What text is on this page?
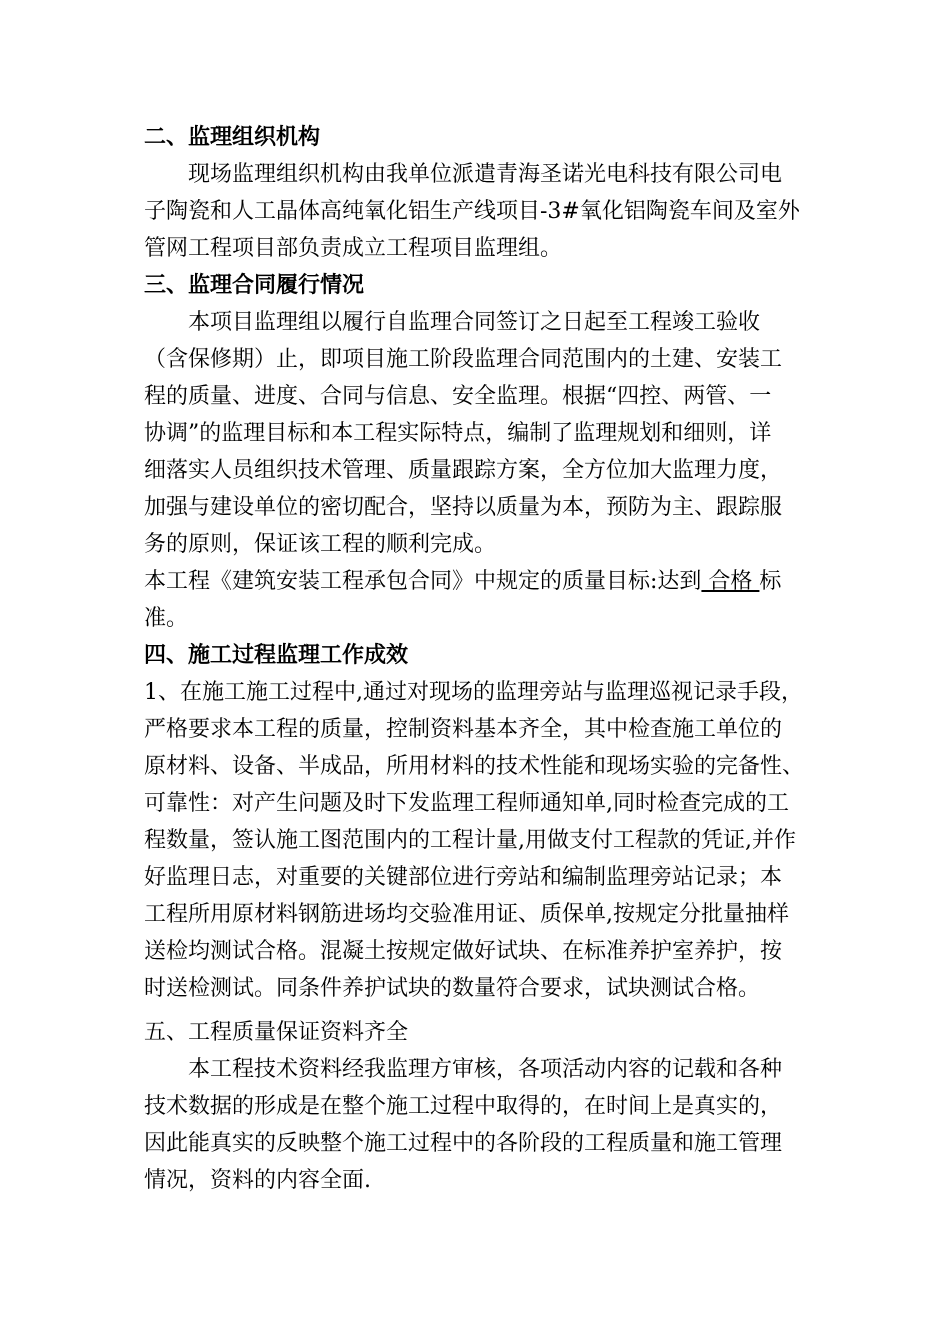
二、监理组织机构
现场监理组织机构由我单位派遣青海圣诺光电科技有限公司电
子陶瓷和人工晶体高纯氧化铝生产线项目-3#氧化铝陶瓷车间及室外
管网工程项目部负责成立工程项目监理组。
三、监理合同履行情况
本项目监理组以履行自监理合同签订之日起至工程竣工验收
（含保修期）止，即项目施工阶段监理合同范围内的土建、安装工
程的质量、进度、合同与信息、安全监理。根据“四控、两管、一
协调”的监理目标和本工程实际特点，编制了监理规划和细则，详
细落实人员组织技术管理、质量跟踪方案，全方位加大监理力度，
加强与建设单位的密切配合，坚持以质量为本，预防为主、跟踪服
务的原则，保证该工程的顺利完成。
本工程《建筑安装工程承包合同》中规定的质量目标:达到 合格 标
准。
四、施工过程监理工作成效
1、在施工施工过程中,通过对现场的监理旁站与监理巡视记录手段，
严格要求本工程的质量，控制资料基本齐全，其中检查施工单位的
原材料、设备、半成品，所用材料的技术性能和现场实验的完备性、
可靠性：对产生问题及时下发监理工程师通知单,同时检查完成的工
程数量，签认施工图范围内的工程计量,用做支付工程款的凭证,并作
好监理日志，对重要的关键部位进行旁站和编制监理旁站记录；本
工程所用原材料钢筋进场均交验准用证、质保单,按规定分批量抽样
送检均测试合格。混凝土按规定做好试块、在标准养护室养护，按
时送检测试。同条件养护试块的数量符合要求，试块测试合格。
五、工程质量保证资料齐全
本工程技术资料经我监理方审核，各项活动内容的记载和各种
技术数据的形成是在整个施工过程中取得的，在时间上是真实的，
因此能真实的反映整个施工过程中的各阶段的工程质量和施工管理
情况，资料的内容全面.
